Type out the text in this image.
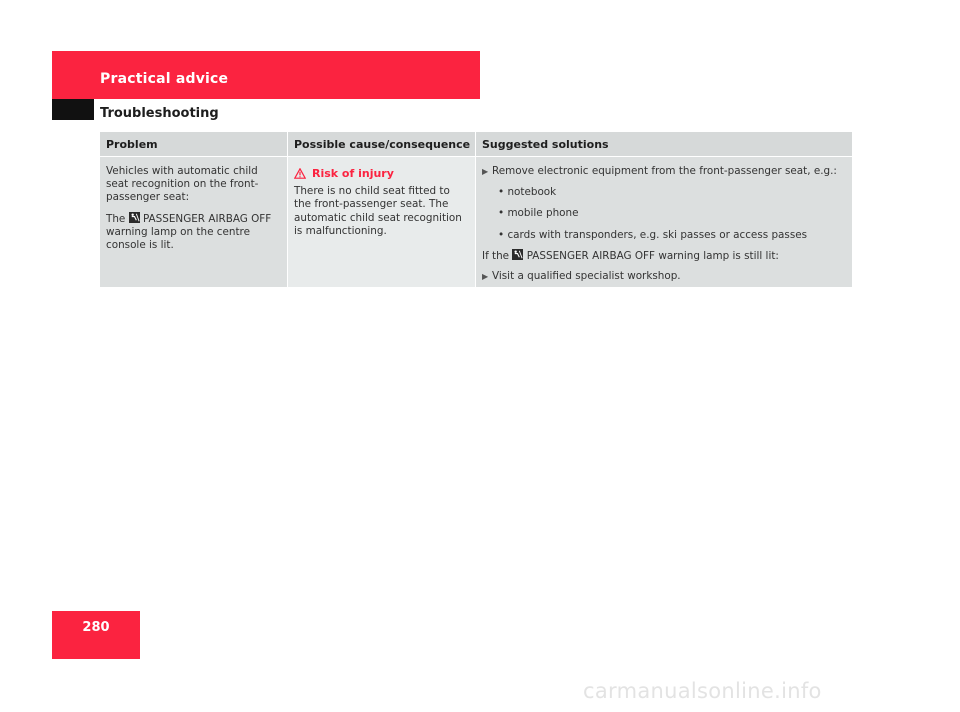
Practical advice
Troubleshooting
Problem	Possible cause/consequence	Suggested solutions

Vehicles with automatic child seat recognition on the front-passenger seat:

The PASSENGER AIRBAG OFF warning lamp on the centre console is lit.

Risk of injury

There is no child seat fitted to the front-passenger seat. The automatic child seat recognition is malfunctioning.

▶ Remove electronic equipment from the front-passenger seat, e.g.:

• notebook

• mobile phone

• cards with transponders, e.g. ski passes or access passes

If the PASSENGER AIRBAG OFF warning lamp is still lit:

▶ Visit a qualified specialist workshop.

280
carmanualsonline.info
